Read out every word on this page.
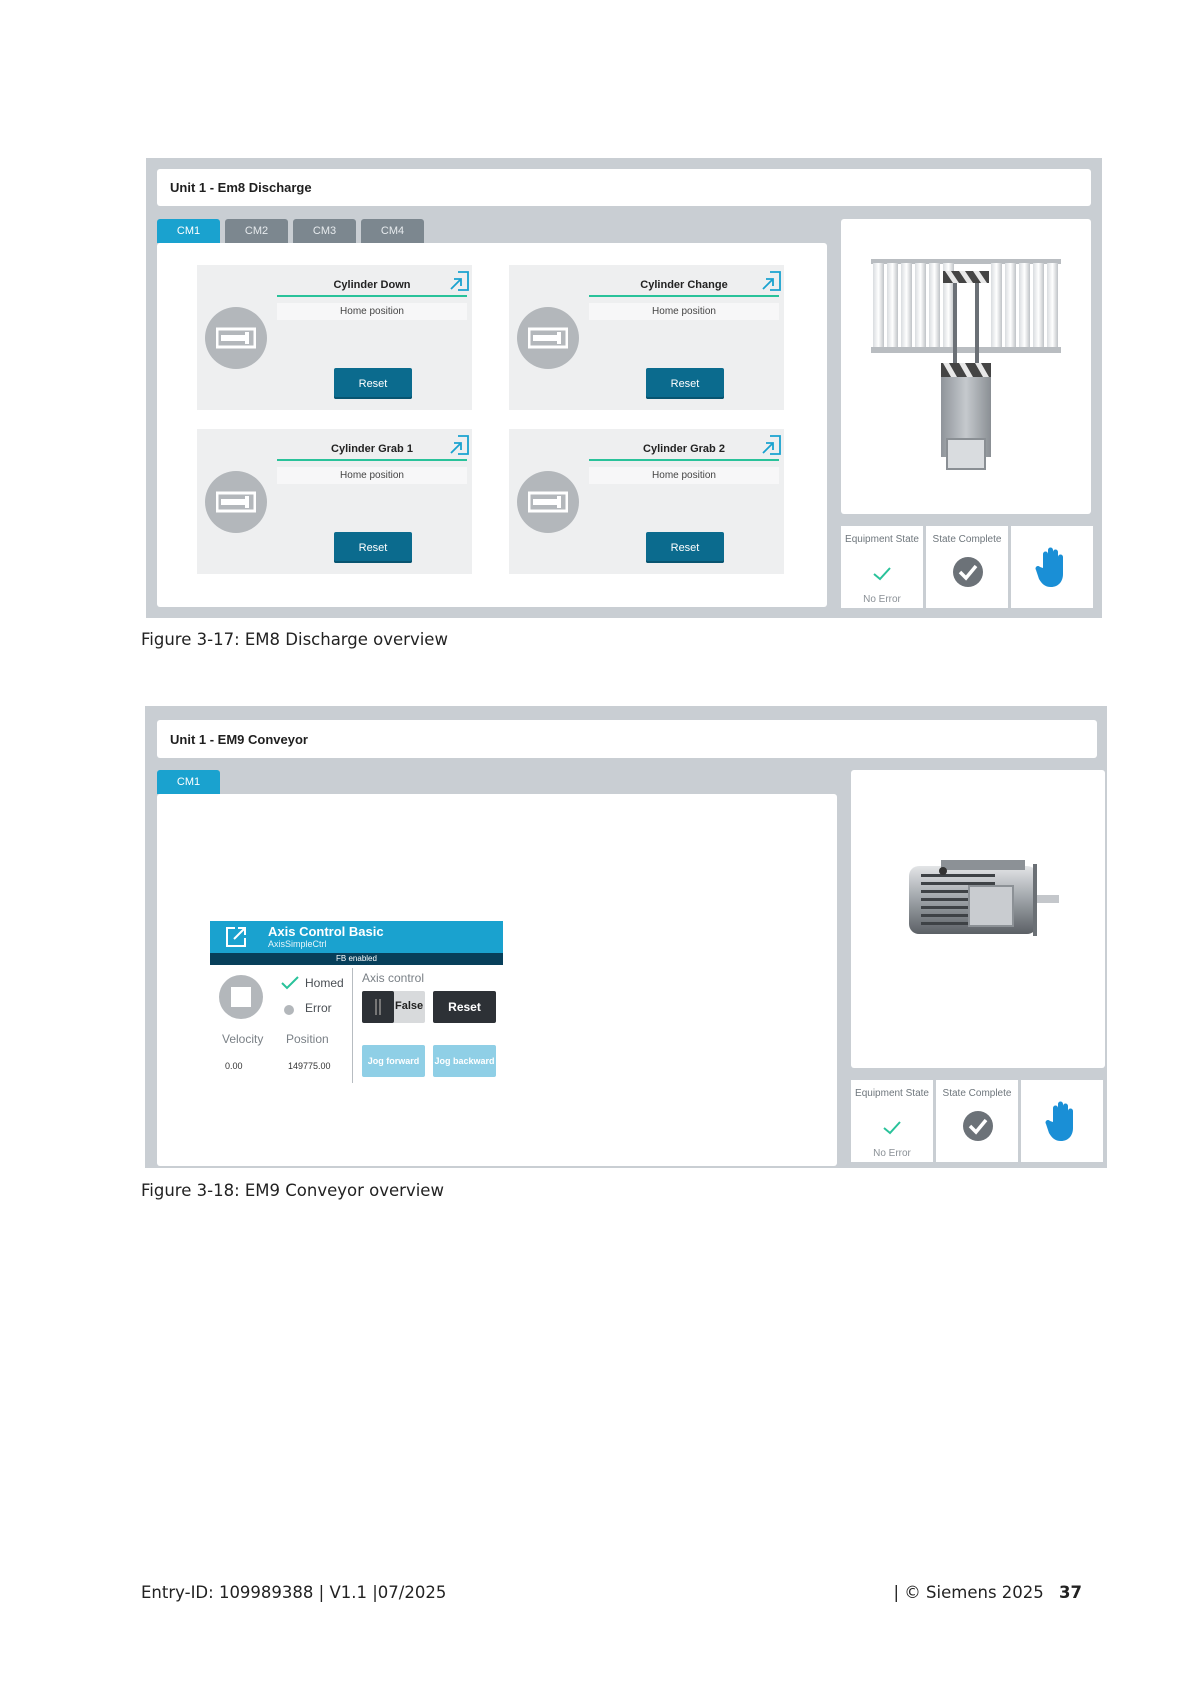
Unit 1 - Em8 Discharge
CM1	CM2	CM3	CM4
Cylinder Down
Home position
Reset
Cylinder Change
Home position
Reset
Cylinder Grab 1
Home position
Reset
Cylinder Grab 2
Home position
Reset
Equipment State
No Error
State Complete
Figure 3-17: EM8 Discharge overview
Unit 1 - EM9 Conveyor
CM1
Axis Control Basic
AxisSimpleCtrl
FB enabled
Homed
Error
Velocity Position
0.00	149775.00
Axis control
False	Reset
Jog forward	Jog backward
Equipment State
No Error
State Complete
Figure 3-18: EM9 Conveyor overview
Entry-ID: 109989388 | V1.1 |07/2025	| © Siemens 2025 37
